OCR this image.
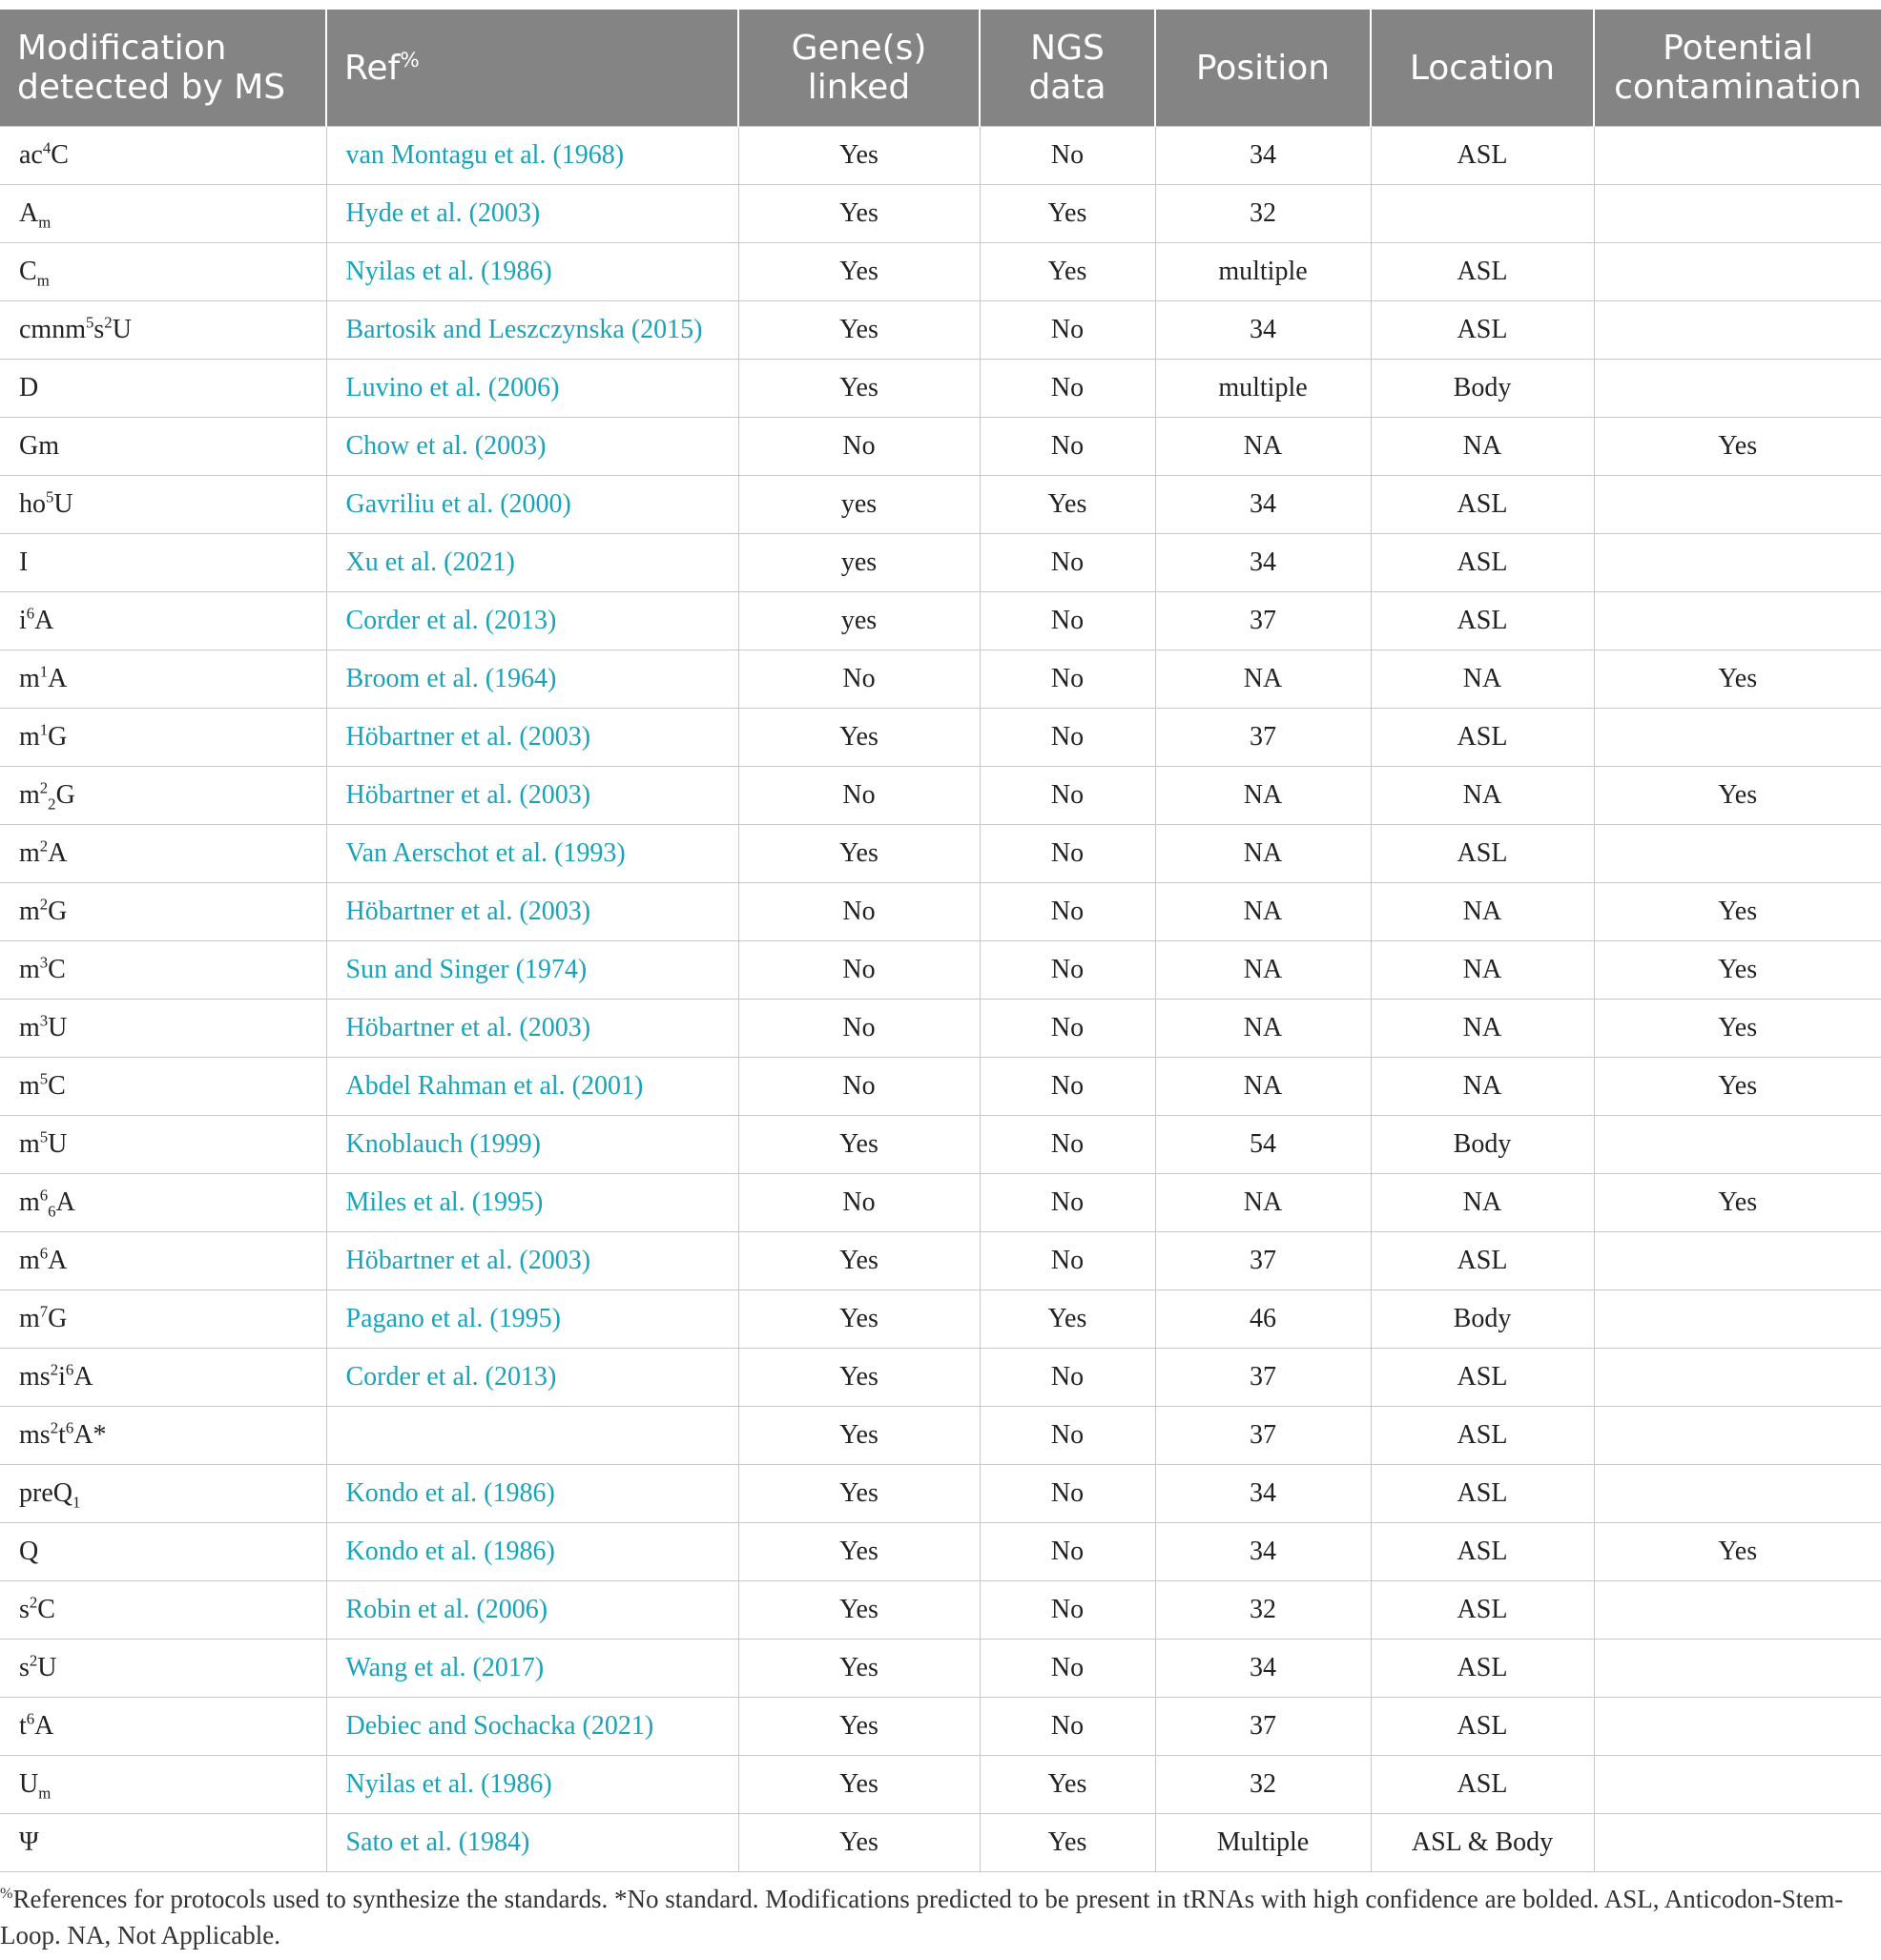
Modification detected by MS	Ref%	Gene(s) linked	NGS data	Position	Location	Potential contamination
$ac^4C$	van Montagu et al. (1968)	Yes	No	34	ASL	
$A_m$	Hyde et al. (2003)	Yes	Yes	32		
$C_m$	Nyilas et al. (1986)	Yes	Yes	multiple	ASL	
$cmnm^5s^2U$	Bartosik and Leszczynska (2015)	Yes	No	34	ASL	
D	Luvino et al. (2006)	Yes	No	multiple	Body	
Gm	Chow et al. (2003)	No	No	NA	NA	Yes
$ho^5U$	Gavriliu et al. (2000)	yes	Yes	34	ASL	
I	Xu et al. (2021)	yes	No	34	ASL	
$i^6A$	Corder et al. (2013)	yes	No	37	ASL	
$m^1A$	Broom et al. (1964)	No	No	NA	NA	Yes
$m^1G$	Höbartner et al. (2003)	Yes	No	37	ASL	
$m^2_2G$	Höbartner et al. (2003)	No	No	NA	NA	Yes
$m^2A$	Van Aerschot et al. (1993)	Yes	No	NA	ASL	
$m^2G$	Höbartner et al. (2003)	No	No	NA	NA	Yes
$m^3C$	Sun and Singer (1974)	No	No	NA	NA	Yes
$m^3U$	Höbartner et al. (2003)	No	No	NA	NA	Yes
$m^5C$	Abdel Rahman et al. (2001)	No	No	NA	NA	Yes
$m^5U$	Knoblauch (1999)	Yes	No	54	Body	
$m^6_6A$	Miles et al. (1995)	No	No	NA	NA	Yes
$m^6A$	Höbartner et al. (2003)	Yes	No	37	ASL	
$m^7G$	Pagano et al. (1995)	Yes	Yes	46	Body	
$ms^2i^6A$	Corder et al. (2013)	Yes	No	37	ASL	
$ms^2t^6A*$		Yes	No	37	ASL	
preQ$_1$	Kondo et al. (1986)	Yes	No	34	ASL	
Q	Kondo et al. (1986)	Yes	No	34	ASL	Yes
$s^2C$	Robin et al. (2006)	Yes	No	32	ASL	
$s^2U$	Wang et al. (2017)	Yes	No	34	ASL	
$t^6A$	Debiec and Sochacka (2021)	Yes	No	37	ASL	
$U_m$	Nyilas et al. (1986)	Yes	Yes	32	ASL	
Ψ	Sato et al. (1984)	Yes	Yes	Multiple	ASL & Body	
%References for protocols used to synthesize the standards. *No standard. Modifications predicted to be present in tRNAs with high confidence are bolded. ASL, Anticodon-Stem-Loop. NA, Not Applicable.
